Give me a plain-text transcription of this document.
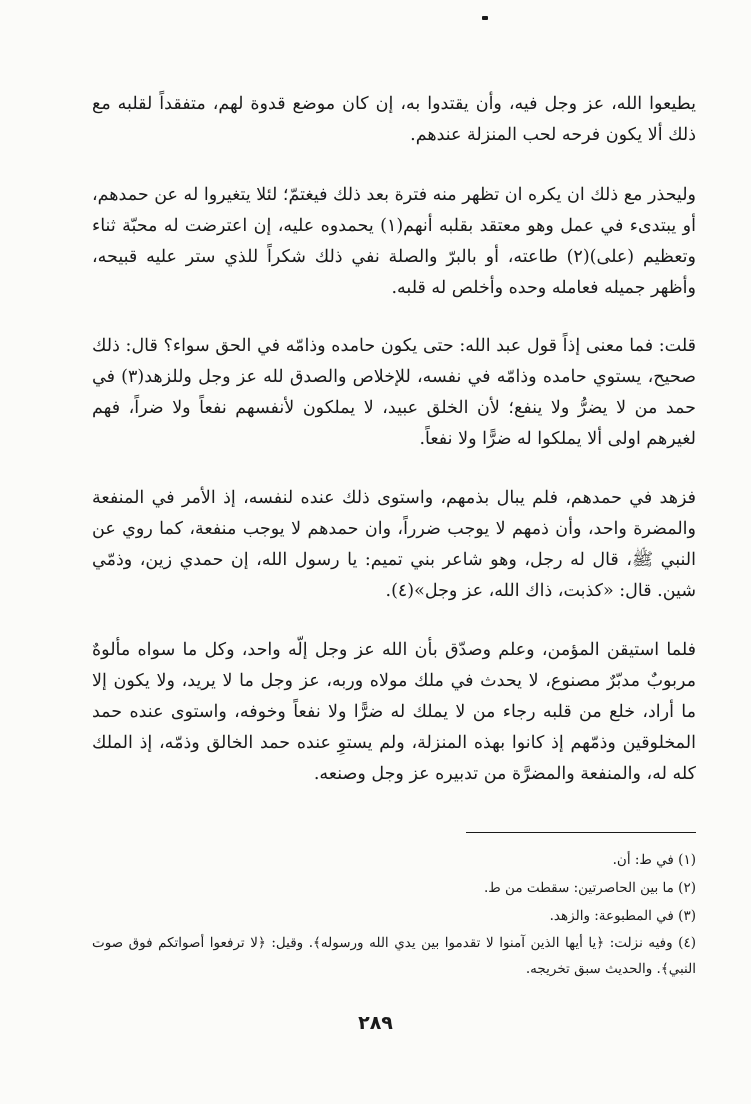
يطيعوا الله، عز وجل فيه، وأن يقتدوا به، إن كان موضع قدوة لهم، متفقداً لقلبه مع ذلك ألا يكون فرحه لحب المنزلة عندهم.

وليحذر مع ذلك ان يكره ان تظهر منه فترة بعد ذلك فيغتمّ؛ لئلا يتغيروا له عن حمدهم، أو يبتدىء في عمل وهو معتقد بقلبه أنهم(١) يحمدوه عليه، إن اعترضت له محبّة ثناء وتعظيم (على)(٢) طاعته، أو بالبرّ والصلة نفي ذلك شكراً للذي ستر عليه قبيحه، وأظهر جميله فعامله وحده وأخلص له قلبه.

قلت: فما معنى إذاً قول عبد الله: حتى يكون حامده وذامّه في الحق سواء؟ قال: ذلك صحيح، يستوي حامده وذامّه في نفسه، للإخلاص والصدق لله عز وجل وللزهد(٣) في حمد من لا يضرُّ ولا ينفع؛ لأن الخلق عبيد، لا يملكون لأنفسهم نفعاً ولا ضراً، فهم لغيرهم اولى ألا يملكوا له ضرًّا ولا نفعاً.

فزهد في حمدهم، فلم يبال بذمهم، واستوى ذلك عنده لنفسه، إذ الأمر في المنفعة والمضرة واحد، وأن ذمهم لا يوجب ضرراً، وان حمدهم لا يوجب منفعة، كما روي عن النبي ﷺ، قال له رجل، وهو شاعر بني تميم: يا رسول الله، إن حمدي زين، وذمّي شين. قال: «كذبت، ذاك الله، عز وجل»(٤).

فلما استيقن المؤمن، وعلم وصدّق بأن الله عز وجل إلّه واحد، وكل ما سواه مألوهٌ مربوبٌ مدبّرٌ مصنوع، لا يحدث في ملك مولاه وربه، عز وجل ما لا يريد، ولا يكون إلا ما أراد، خلع من قلبه رجاء من لا يملك له ضرًّا ولا نفعاً وخوفه، واستوى عنده حمد المخلوقين وذمّهم إذ كانوا بهذه المنزلة، ولم يستوِ عنده حمد الخالق وذمّه، إذ الملك كله له، والمنفعة والمضرَّة من تدبيره عز وجل وصنعه.

(١) في ط: أن.

(٢) ما بين الحاصرتين: سقطت من ط.

(٣) في المطبوعة: والزهد.

(٤) وفيه نزلت: ﴿يا أيها الذين آمنوا لا تقدموا بين يدي الله ورسوله﴾. وقيل: ﴿لا ترفعوا أصواتكم فوق صوت النبي﴾. والحديث سبق تخريجه.

٢٨٩
